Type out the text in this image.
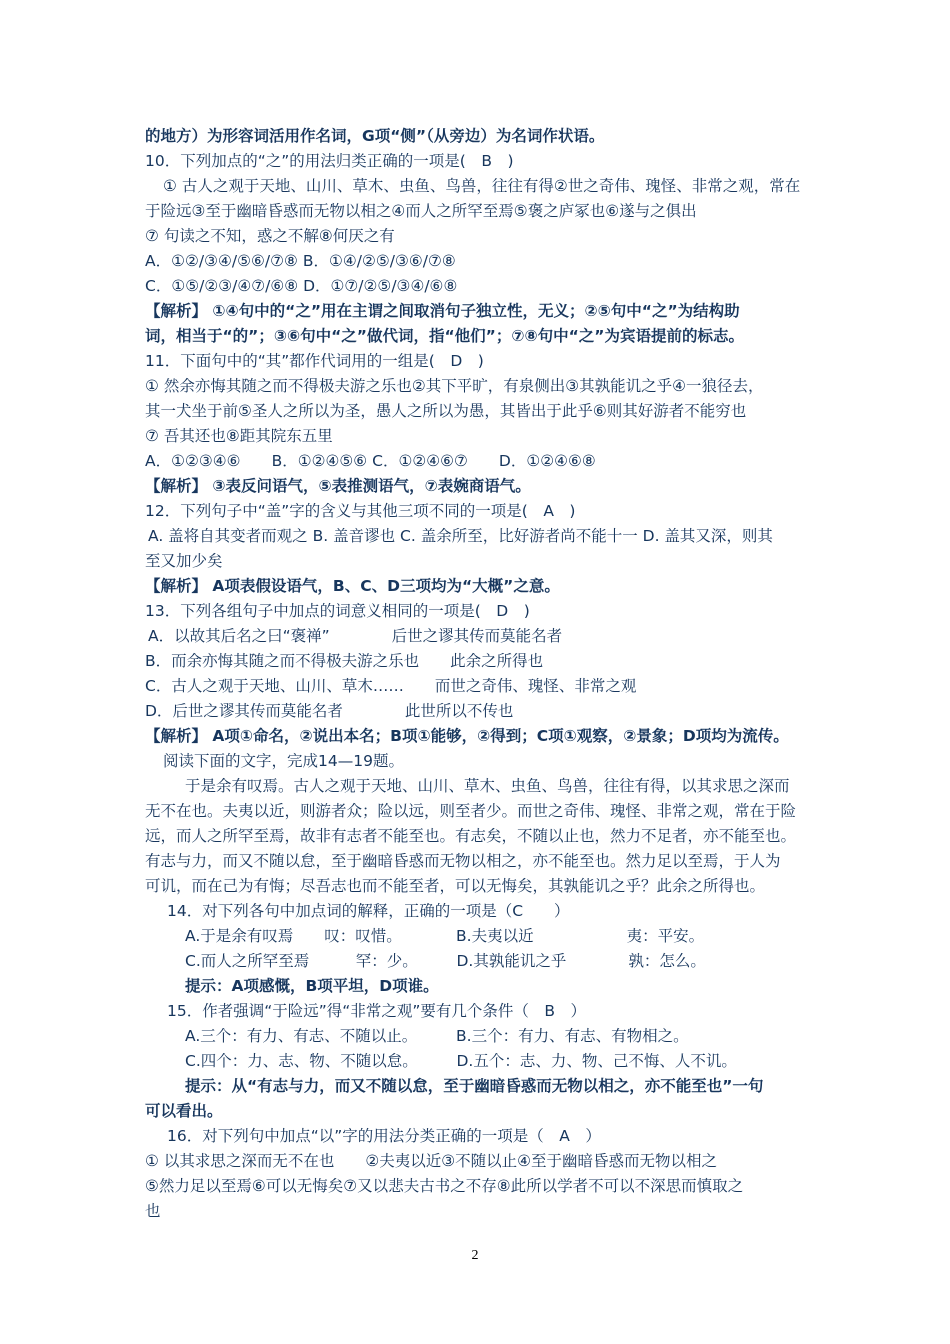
2
的地方）为形容词活用作名词，G项“侧”（从旁边）为名词作状语。
10．下列加点的“之”的用法归类正确的一项是(　B　)
① 古人之观于天地、山川、草木、虫鱼、鸟兽，往往有得②世之奇伟、瑰怪、非常之观，常在
于险远③至于幽暗昏惑而无物以相之④而人之所罕至焉⑤褒之庐冢也⑥遂与之俱出
⑦ 句读之不知，惑之不解⑧何厌之有
A．①②/③④/⑤⑥/⑦⑧ B．①④/②⑤/③⑥/⑦⑧
C．①⑤/②③/④⑦/⑥⑧ D．①⑦/②⑤/③④/⑥⑧
【解析】 ①④句中的“之”用在主谓之间取消句子独立性，无义；②⑤句中“之”为结构助
词，相当于“的”；③⑥句中“之”做代词，指“他们”；⑦⑧句中“之”为宾语提前的标志。
11．下面句中的“其”都作代词用的一组是(　D　)
① 然余亦悔其随之而不得极夫游之乐也②其下平旷，有泉侧出③其孰能讥之乎④一狼径去，
其一犬坐于前⑤圣人之所以为圣，愚人之所以为愚，其皆出于此乎⑥则其好游者不能穷也
⑦ 吾其还也⑧距其院东五里
A．①②③④⑥　　B．①②④⑤⑥ C．①②④⑥⑦　　D．①②④⑥⑧
【解析】 ③表反问语气，⑤表推测语气，⑦表婉商语气。
12．下列句子中“盖”字的含义与其他三项不同的一项是(　A　)
A. 盖将自其变者而观之 B. 盖音谬也 C. 盖余所至，比好游者尚不能十一 D. 盖其又深，则其
至又加少矣
【解析】 A项表假设语气，B、C、D三项均为“大概”之意。
13．下列各组句子中加点的词意义相同的一项是(　D　)
A．以故其后名之曰“褒禅”　　　　后世之谬其传而莫能名者
B．而余亦悔其随之而不得极夫游之乐也　　此余之所得也
C．古人之观于天地、山川、草木……　　而世之奇伟、瑰怪、非常之观
D．后世之谬其传而莫能名者　　　　此世所以不传也
【解析】 A项①命名，②说出本名；B项①能够，②得到；C项①观察，②景象；D项均为流传。
阅读下面的文字，完成14—19题。
于是余有叹焉。古人之观于天地、山川、草木、虫鱼、鸟兽，往往有得，以其求思之深而
无不在也。夫夷以近，则游者众；险以远，则至者少。而世之奇伟、瑰怪、非常之观，常在于险
远，而人之所罕至焉，故非有志者不能至也。有志矣，不随以止也，然力不足者，亦不能至也。
有志与力，而又不随以怠，至于幽暗昏惑而无物以相之，亦不能至也。然力足以至焉，于人为
可讥，而在己为有悔；尽吾志也而不能至者，可以无悔矣，其孰能讥之乎？此余之所得也。
14．对下列各句中加点词的解释，正确的一项是（C　　）
A.于是余有叹焉　　叹：叹惜。　　　　B.夫夷以近　　　　　　夷：平安。
C.而人之所罕至焉　　　罕：少。　　　D.其孰能讥之乎　　　　孰：怎么。
提示：A项感慨，B项平坦，D项谁。
15．作者强调“于险远”得“非常之观”要有几个条件（　B　）
A.三个：有力、有志、不随以止。　　　B.三个：有力、有志、有物相之。
C.四个：力、志、物、不随以怠。　　　D.五个：志、力、物、己不悔、人不讥。
提示：从“有志与力，而又不随以怠，至于幽暗昏惑而无物以相之，亦不能至也”一句
可以看出。
16．对下列句中加点“以”字的用法分类正确的一项是（　A　）
① 以其求思之深而无不在也　　②夫夷以近③不随以止④至于幽暗昏惑而无物以相之
⑤然力足以至焉⑥可以无悔矣⑦又以悲夫古书之不存⑧此所以学者不可以不深思而慎取之
也
